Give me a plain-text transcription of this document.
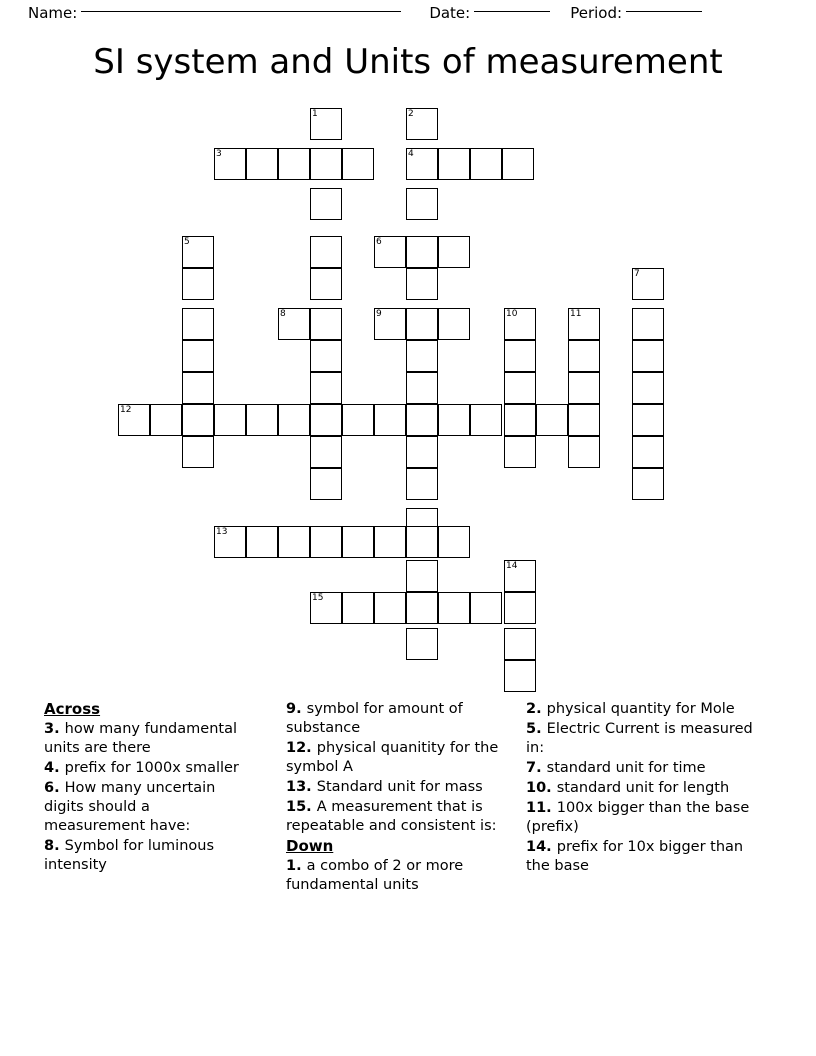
Name:	Date:	Period:
SI system and Units of measurement
1	2
3	4
5	6
7
8	9	10	11
12
13
14
15
Across
3. how many fundamental units are there
4. prefix for 1000x smaller
6. How many uncertain digits should a measurement have:
8. Symbol for luminous intensity
9. symbol for amount of substance
12. physical quanitity for the symbol A
13. Standard unit for mass
15. A measurement that is repeatable and consistent is:
Down
1. a combo of 2 or more fundamental units
2. physical quantity for Mole
5. Electric Current is measured in:
7. standard unit for time
10. standard unit for length
11. 100x bigger than the base (prefix)
14. prefix for 10x bigger than the base
